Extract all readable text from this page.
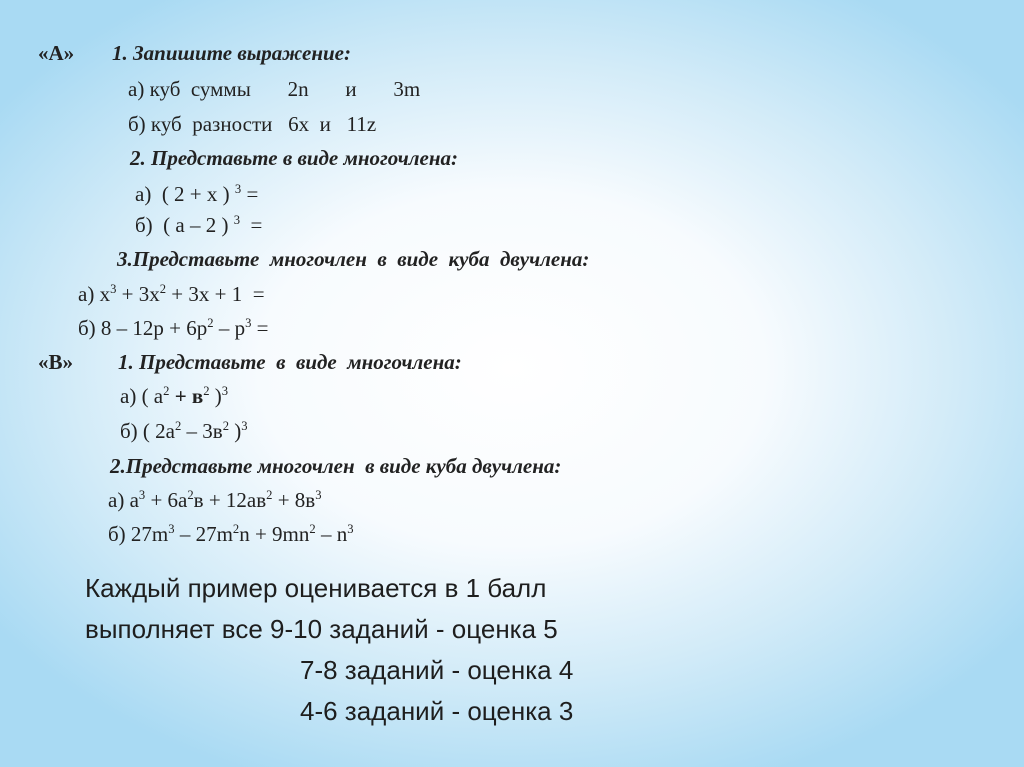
«А» 1. Запишите выражение:
а) куб  суммы       2n       и       3m
б) куб  разности   6x  и   11z
2. Представьте в виде многочлена:
а)  ( 2 + x ) $^3$ =
б)  ( a – 2 ) $^3$  =
3.Представьте  многочлен  в  виде  куба  двучлена:
а) $x^3 + 3x^2 + 3x + 1$  =
б) $8 - 12p + 6p^2 - p^3$ =
«В» 1. Представьте  в  виде  многочлена:
а) ( $a^2 + в^2$ )$^3$
б) ( $2a^2 - 3в^2$ )$^3$
2.Представьте многочлен  в виде куба двучлена:
а) $a^3 + 6a^2в + 12aв^2 + 8в^3$
б) $27m^3 - 27m^2n + 9mn^2 - n^3$
Каждый пример оценивается в 1 балл
выполняет все 9-10 заданий - оценка 5
7-8 заданий - оценка 4
4-6 заданий - оценка 3
